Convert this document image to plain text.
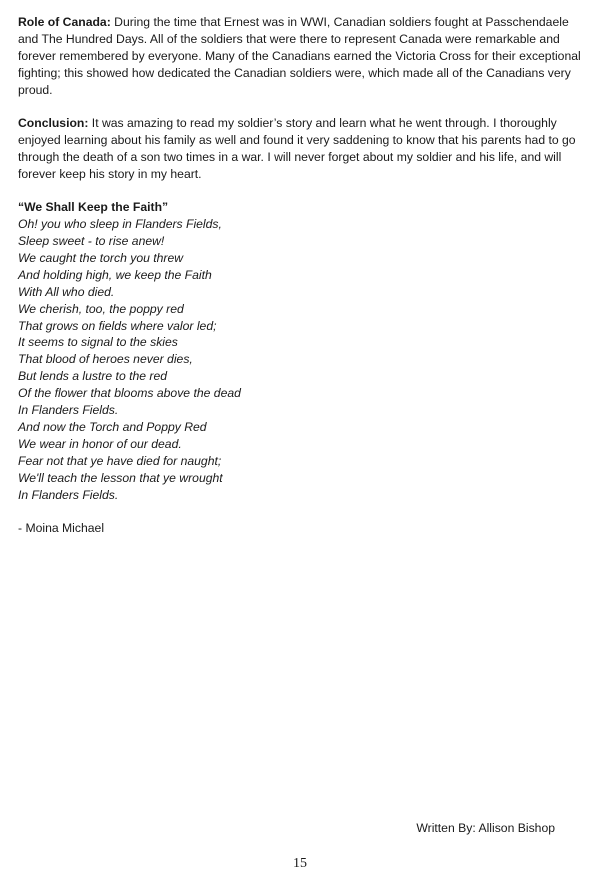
Role of Canada: During the time that Ernest was in WWI, Canadian soldiers fought at Passchendaele and The Hundred Days. All of the soldiers that were there to represent Canada were remarkable and forever remembered by everyone. Many of the Canadians earned the Victoria Cross for their exceptional fighting; this showed how dedicated the Canadian soldiers were, which made all of the Canadians very proud.

Conclusion: It was amazing to read my soldier’s story and learn what he went through. I thoroughly enjoyed learning about his family as well and found it very saddening to know that his parents had to go through the death of a son two times in a war. I will never forget about my soldier and his life, and will forever keep his story in my heart.

“We Shall Keep the Faith”

Oh! you who sleep in Flanders Fields,
Sleep sweet - to rise anew!
We caught the torch you threw
And holding high, we keep the Faith
With All who died.
We cherish, too, the poppy red
That grows on fields where valor led;
It seems to signal to the skies
That blood of heroes never dies,
But lends a lustre to the red
Of the flower that blooms above the dead
In Flanders Fields.
And now the Torch and Poppy Red
We wear in honor of our dead.
Fear not that ye have died for naught;
We'll teach the lesson that ye wrought
In Flanders Fields.

- Moina Michael

Written By: Allison Bishop
15
